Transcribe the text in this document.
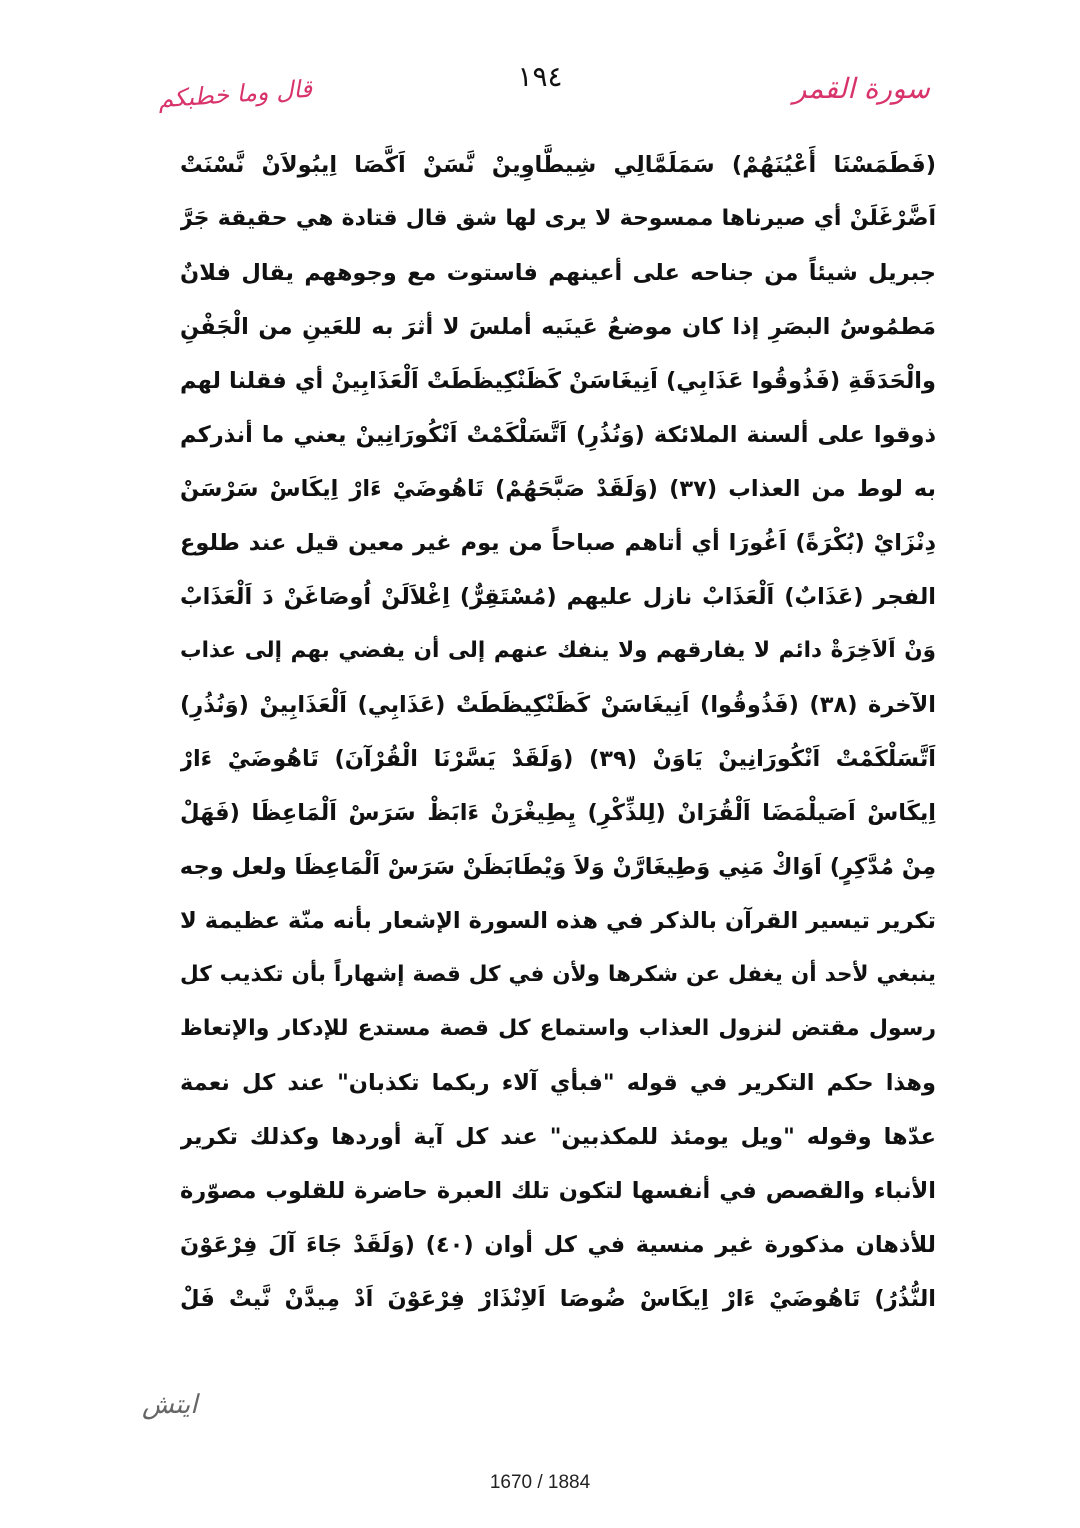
قال وما خطبكم	١٩٤	سورة القمر
(فَطَمَسْنَا أَعْيُنَهُمْ) سَمَلَمَّالِي شِيطَّاوِينْ نَّسَنْ اَكَّصَا اِيبُولاَنْ نَّسْنَتْ
اَضَّرْغَلَنْ أي صيرناها ممسوحة لا يرى لها شق قال قتادة هي حقيقة جَرَّ
جبريل شيئاً من جناحه على أعينهم فاستوت مع وجوههم يقال فلانٌ
مَطمُوسُ البصَرِ إذا كان موضعُ عَينَيه أملسَ لا أثرَ به للعَينِ من الْجَفْنِ
والْحَدَقَةِ (فَذُوقُوا عَذَابِي) اَنِيغَاسَنْ كَظَنْكِيظَطَتْ اَلْعَذَابِينْ أي فقلنا لهم
ذوقوا على ألسنة الملائكة (وَنُذُرِ) اَتَّسَلْكَمْتْ اَنْكُورَانِينْ يعني ما أنذركم
به لوط من العذاب (٣٧) (وَلَقَدْ صَبَّحَهُمْ) تَاهُوضَيْ ءَارْ اِيكَاسْ سَرْسَنْ
دِنْزَايْ (بُكْرَةً) اَغُورَا أي أتاهم صباحاً من يوم غير معين قيل عند طلوع
الفجر (عَذَابٌ) اَلْعَذَابْ نازل عليهم (مُسْتَقِرٌّ) اِغْلاَلَنْ اُوصَاغَنْ دَ اَلْعَذَابْ
وَنْ اَلاَخِرَةْ دائم لا يفارقهم ولا ينفك عنهم إلى أن يفضي بهم إلى عذاب
الآخرة (٣٨) (فَذُوقُوا) اَنِيغَاسَنْ كَظَنْكِيظَطَتْ (عَذَابِي) اَلْعَذَابِينْ (وَنُذُرِ)
اَتَّسَلْكَمْتْ اَنْكُورَانِينْ يَاوَنْ (٣٩) (وَلَقَدْ يَسَّرْنَا الْقُرْآنَ) تَاهُوضَيْ ءَارْ
اِيكَاسْ اَصَيلْمَضَا اَلْقُرَانْ (لِلذِّكْرِ) يِطِيغْرَنْ ءَابَظْ سَرَسْ اَلْمَاعِظَا (فَهَلْ
مِنْ مُدَّكِرٍ) اَوَاكْ مَنِي وَطِيغَارَّنْ وَلاَ وَيْطَابَظَنْ سَرَسْ اَلْمَاعِظَا ولعل وجه
تكرير تيسير القرآن بالذكر في هذه السورة الإشعار بأنه منّة عظيمة لا
ينبغي لأحد أن يغفل عن شكرها ولأن في كل قصة إشهاراً بأن تكذيب كل
رسول مقتض لنزول العذاب واستماع كل قصة مستدع للإدكار والإتعاظ
وهذا حكم التكرير في قوله "فبأي آلاء ربكما تكذبان" عند كل نعمة
عدّها وقوله "ويل يومئذ للمكذبين" عند كل آية أوردها وكذلك تكرير
الأنباء والقصص في أنفسها لتكون تلك العبرة حاضرة للقلوب مصوّرة
للأذهان مذكورة غير منسية في كل أوان (٤٠) (وَلَقَدْ جَاءَ آلَ فِرْعَوْنَ
النُّذُرُ) تَاهُوضَيْ ءَارْ اِيكَاسْ ضُوصَا اَلاِنْذَارْ فِرْعَوْنَ اَدْ مِيدَّنْ نَّيتْ فَلْ
ايتش
1670 / 1884
